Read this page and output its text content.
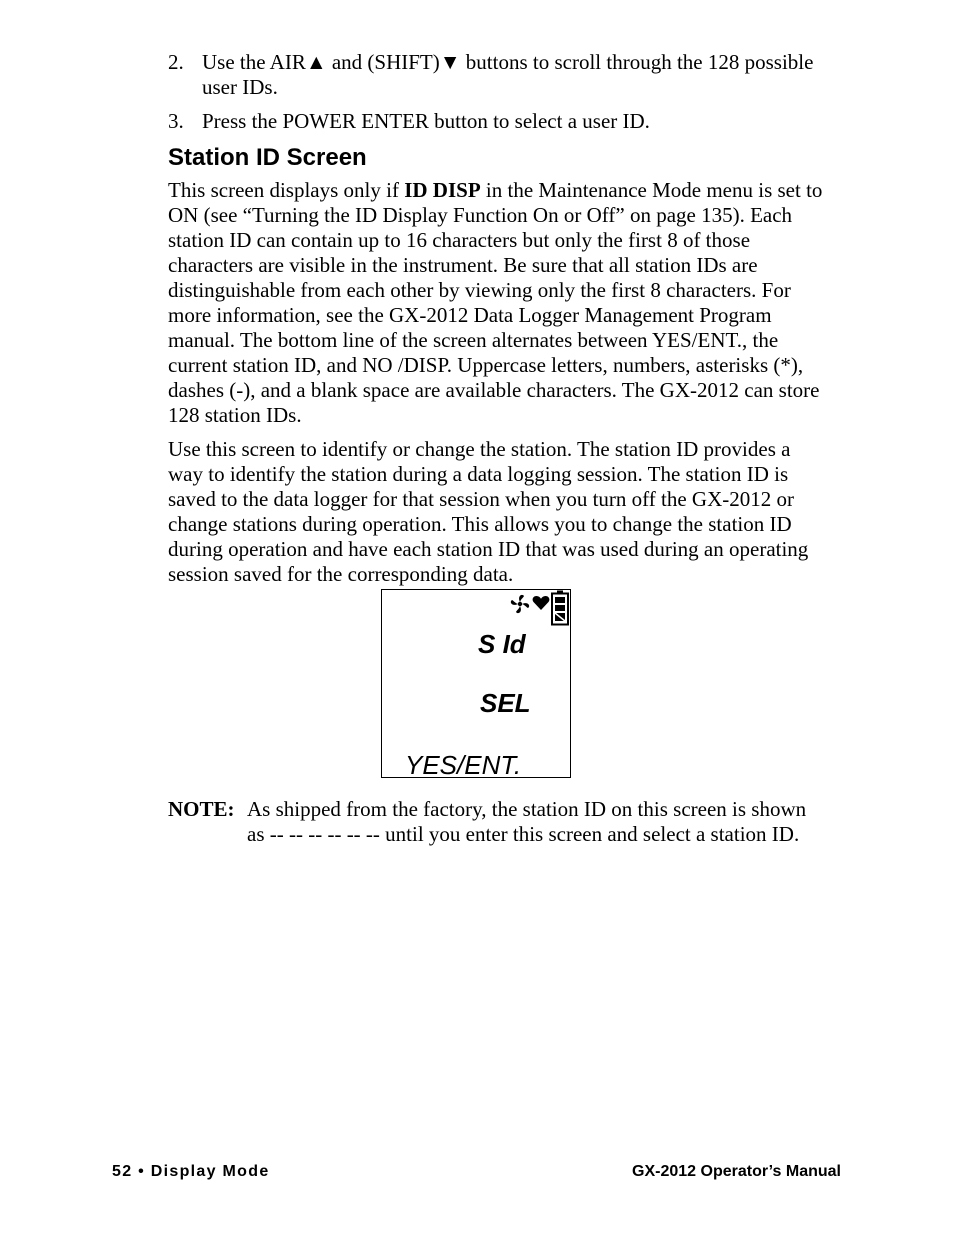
2. Use the AIR▲ and (SHIFT)▼ buttons to scroll through the 128 possible
user IDs.
3. Press the POWER ENTER button to select a user ID.
Station ID Screen
This screen displays only if ID DISP in the Maintenance Mode menu is set to
ON (see “Turning the ID Display Function On or Off” on page 135). Each
station ID can contain up to 16 characters but only the first 8 of those
characters are visible in the instrument. Be sure that all station IDs are
distinguishable from each other by viewing only the first 8 characters. For
more information, see the GX-2012 Data Logger Management Program
manual. The bottom line of the screen alternates between YES/ENT., the
current station ID, and NO /DISP. Uppercase letters, numbers, asterisks (*),
dashes (-), and a blank space are available characters. The GX-2012 can store
128 station IDs.
Use this screen to identify or change the station. The station ID provides a
way to identify the station during a data logging session. The station ID is
saved to the data logger for that session when you turn off the GX-2012 or
change stations during operation. This allows you to change the station ID
during operation and have each station ID that was used during an operating
session saved for the corresponding data.
S Id
SEL
YES/ENT.
NOTE: As shipped from the factory, the station ID on this screen is shown
as -- -- -- -- -- -- until you enter this screen and select a station ID.
52 • Display Mode	GX-2012 Operator’s Manual
